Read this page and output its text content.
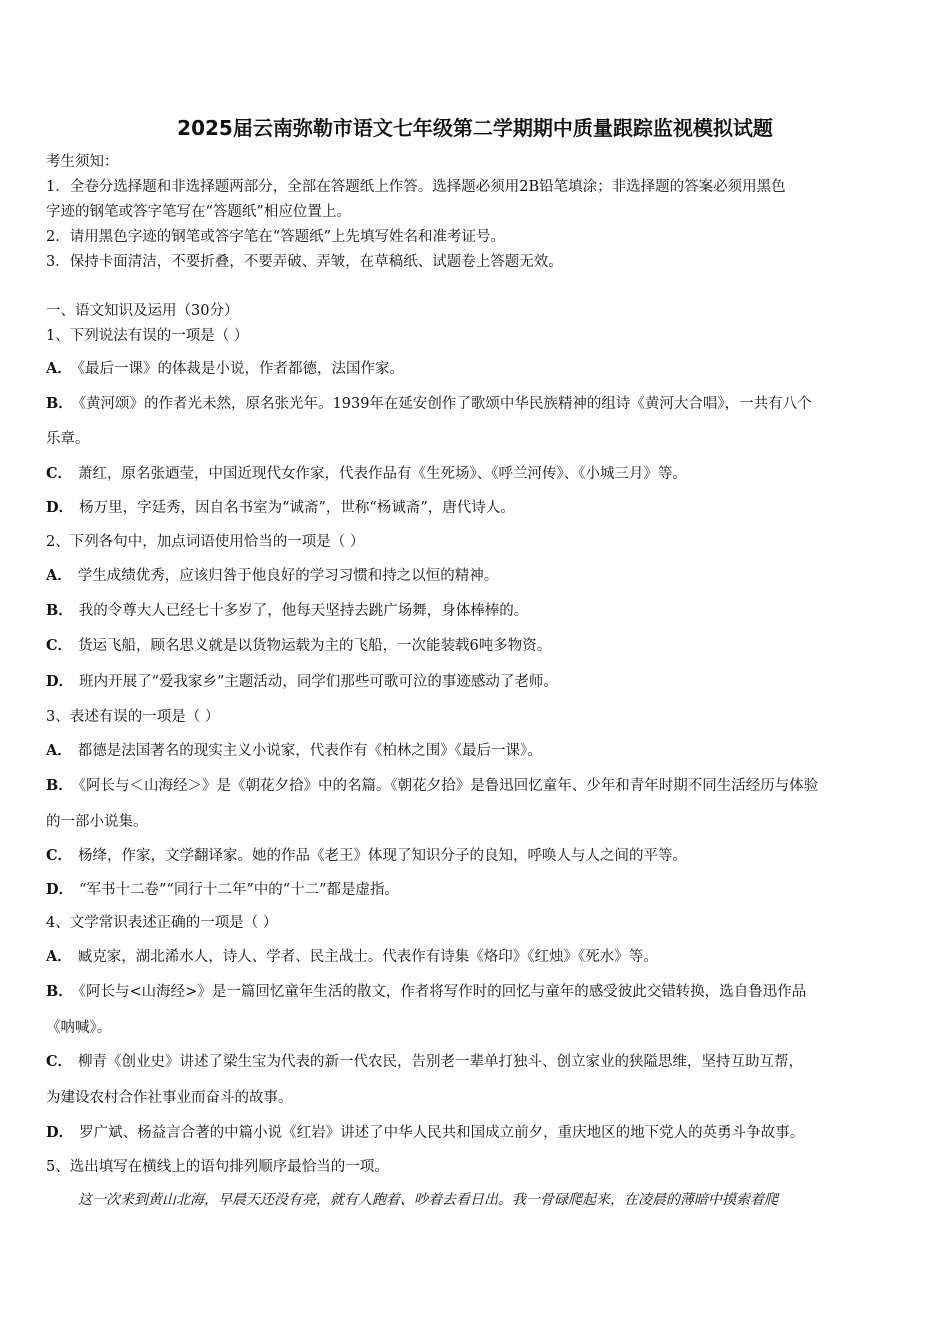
2025届云南弥勒市语文七年级第二学期期中质量跟踪监视模拟试题
考生须知：
1．全卷分选择题和非选择题两部分，全部在答题纸上作答。选择题必须用2B铅笔填涂；非选择题的答案必须用黑色
字迹的钢笔或答字笔写在“答题纸”相应位置上。
2．请用黑色字迹的钢笔或答字笔在“答题纸”上先填写姓名和准考证号。
3．保持卡面清洁，不要折叠，不要弄破、弄皱，在草稿纸、试题卷上答题无效。
一、语文知识及运用（30分）
1、下列说法有误的一项是（ ）
A． 《最后一课》的体裁是小说，作者都德，法国作家。
B． 《黄河颂》的作者光未然，原名张光年。1939年在延安创作了歌颂中华民族精神的组诗《黄河大合唱》，一共有八个
乐章。
C． 萧红，原名张迺莹，中国近现代女作家，代表作品有《生死场》、《呼兰河传》、《小城三月》等。
D． 杨万里，字廷秀，因自名书室为“诚斋”，世称“杨诚斋”，唐代诗人。
2、下列各句中，加点词语使用恰当的一项是（ ）
A． 学生成绩优秀，应该归咎于他良好的学习习惯和持之以恒的精神。
B． 我的令尊大人已经七十多岁了，他每天坚持去跳广场舞，身体棒棒的。
C． 货运飞船，顾名思义就是以货物运载为主的飞船，一次能装载6吨多物资。
D． 班内开展了“爱我家乡”主题活动，同学们那些可歌可泣的事迹感动了老师。
3、表述有误的一项是（ ）
A． 都德是法国著名的现实主义小说家，代表作有《柏林之围》《最后一课》。
B． 《阿长与＜山海经＞》是《朝花夕拾》中的名篇。《朝花夕拾》是鲁迅回忆童年、少年和青年时期不同生活经历与体验
的一部小说集。
C． 杨绛，作家，文学翻译家。她的作品《老王》体现了知识分子的良知，呼唤人与人之间的平等。
D． “军书十二卷”“同行十二年”中的“十二”都是虚指。
4、文学常识表述正确的一项是（ ）
A． 臧克家，湖北浠水人，诗人、学者、民主战士。代表作有诗集《烙印》《红烛》《死水》等。
B． 《阿长与<山海经>》是一篇回忆童年生活的散文，作者将写作时的回忆与童年的感受彼此交错转换，选自鲁迅作品
《呐喊》。
C． 柳青《创业史》讲述了梁生宝为代表的新一代农民，告别老一辈单打独斗、创立家业的狭隘思维，坚持互助互帮，
为建设农村合作社事业而奋斗的故事。
D． 罗广斌、杨益言合著的中篇小说《红岩》讲述了中华人民共和国成立前夕，重庆地区的地下党人的英勇斗争故事。
5、选出填写在横线上的语句排列顺序最恰当的一项。
这一次来到黄山北海，早晨天还没有亮，就有人跑着、吵着去看日出。我一骨碌爬起来，在凌晨的薄暗中摸索着爬
